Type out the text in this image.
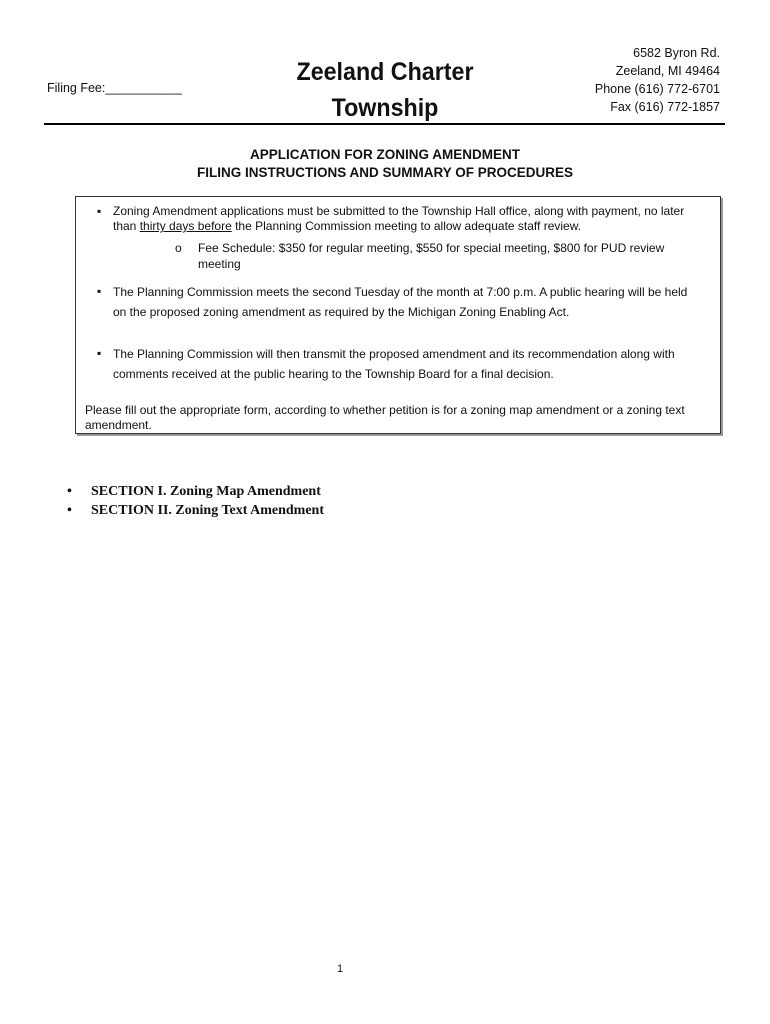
Filing Fee:___________
Zeeland Charter
Township
6582 Byron Rd.
Zeeland, MI 49464
Phone (616) 772-6701
Fax (616) 772-1857
APPLICATION FOR ZONING AMENDMENT
FILING INSTRUCTIONS AND SUMMARY OF PROCEDURES
▪ Zoning Amendment applications must be submitted to the Township Hall office, along with payment, no later than thirty days before the Planning Commission meeting to allow adequate staff review.
o Fee Schedule: $350 for regular meeting, $550 for special meeting, $800 for PUD review meeting
▪ The Planning Commission meets the second Tuesday of the month at 7:00 p.m. A public hearing will be held on the proposed zoning amendment as required by the Michigan Zoning Enabling Act.
▪ The Planning Commission will then transmit the proposed amendment and its recommendation along with comments received at the public hearing to the Township Board for a final decision.
Please fill out the appropriate form, according to whether petition is for a zoning map amendment or a zoning text amendment.
•	SECTION I. Zoning Map Amendment
•	SECTION II. Zoning Text Amendment
1
